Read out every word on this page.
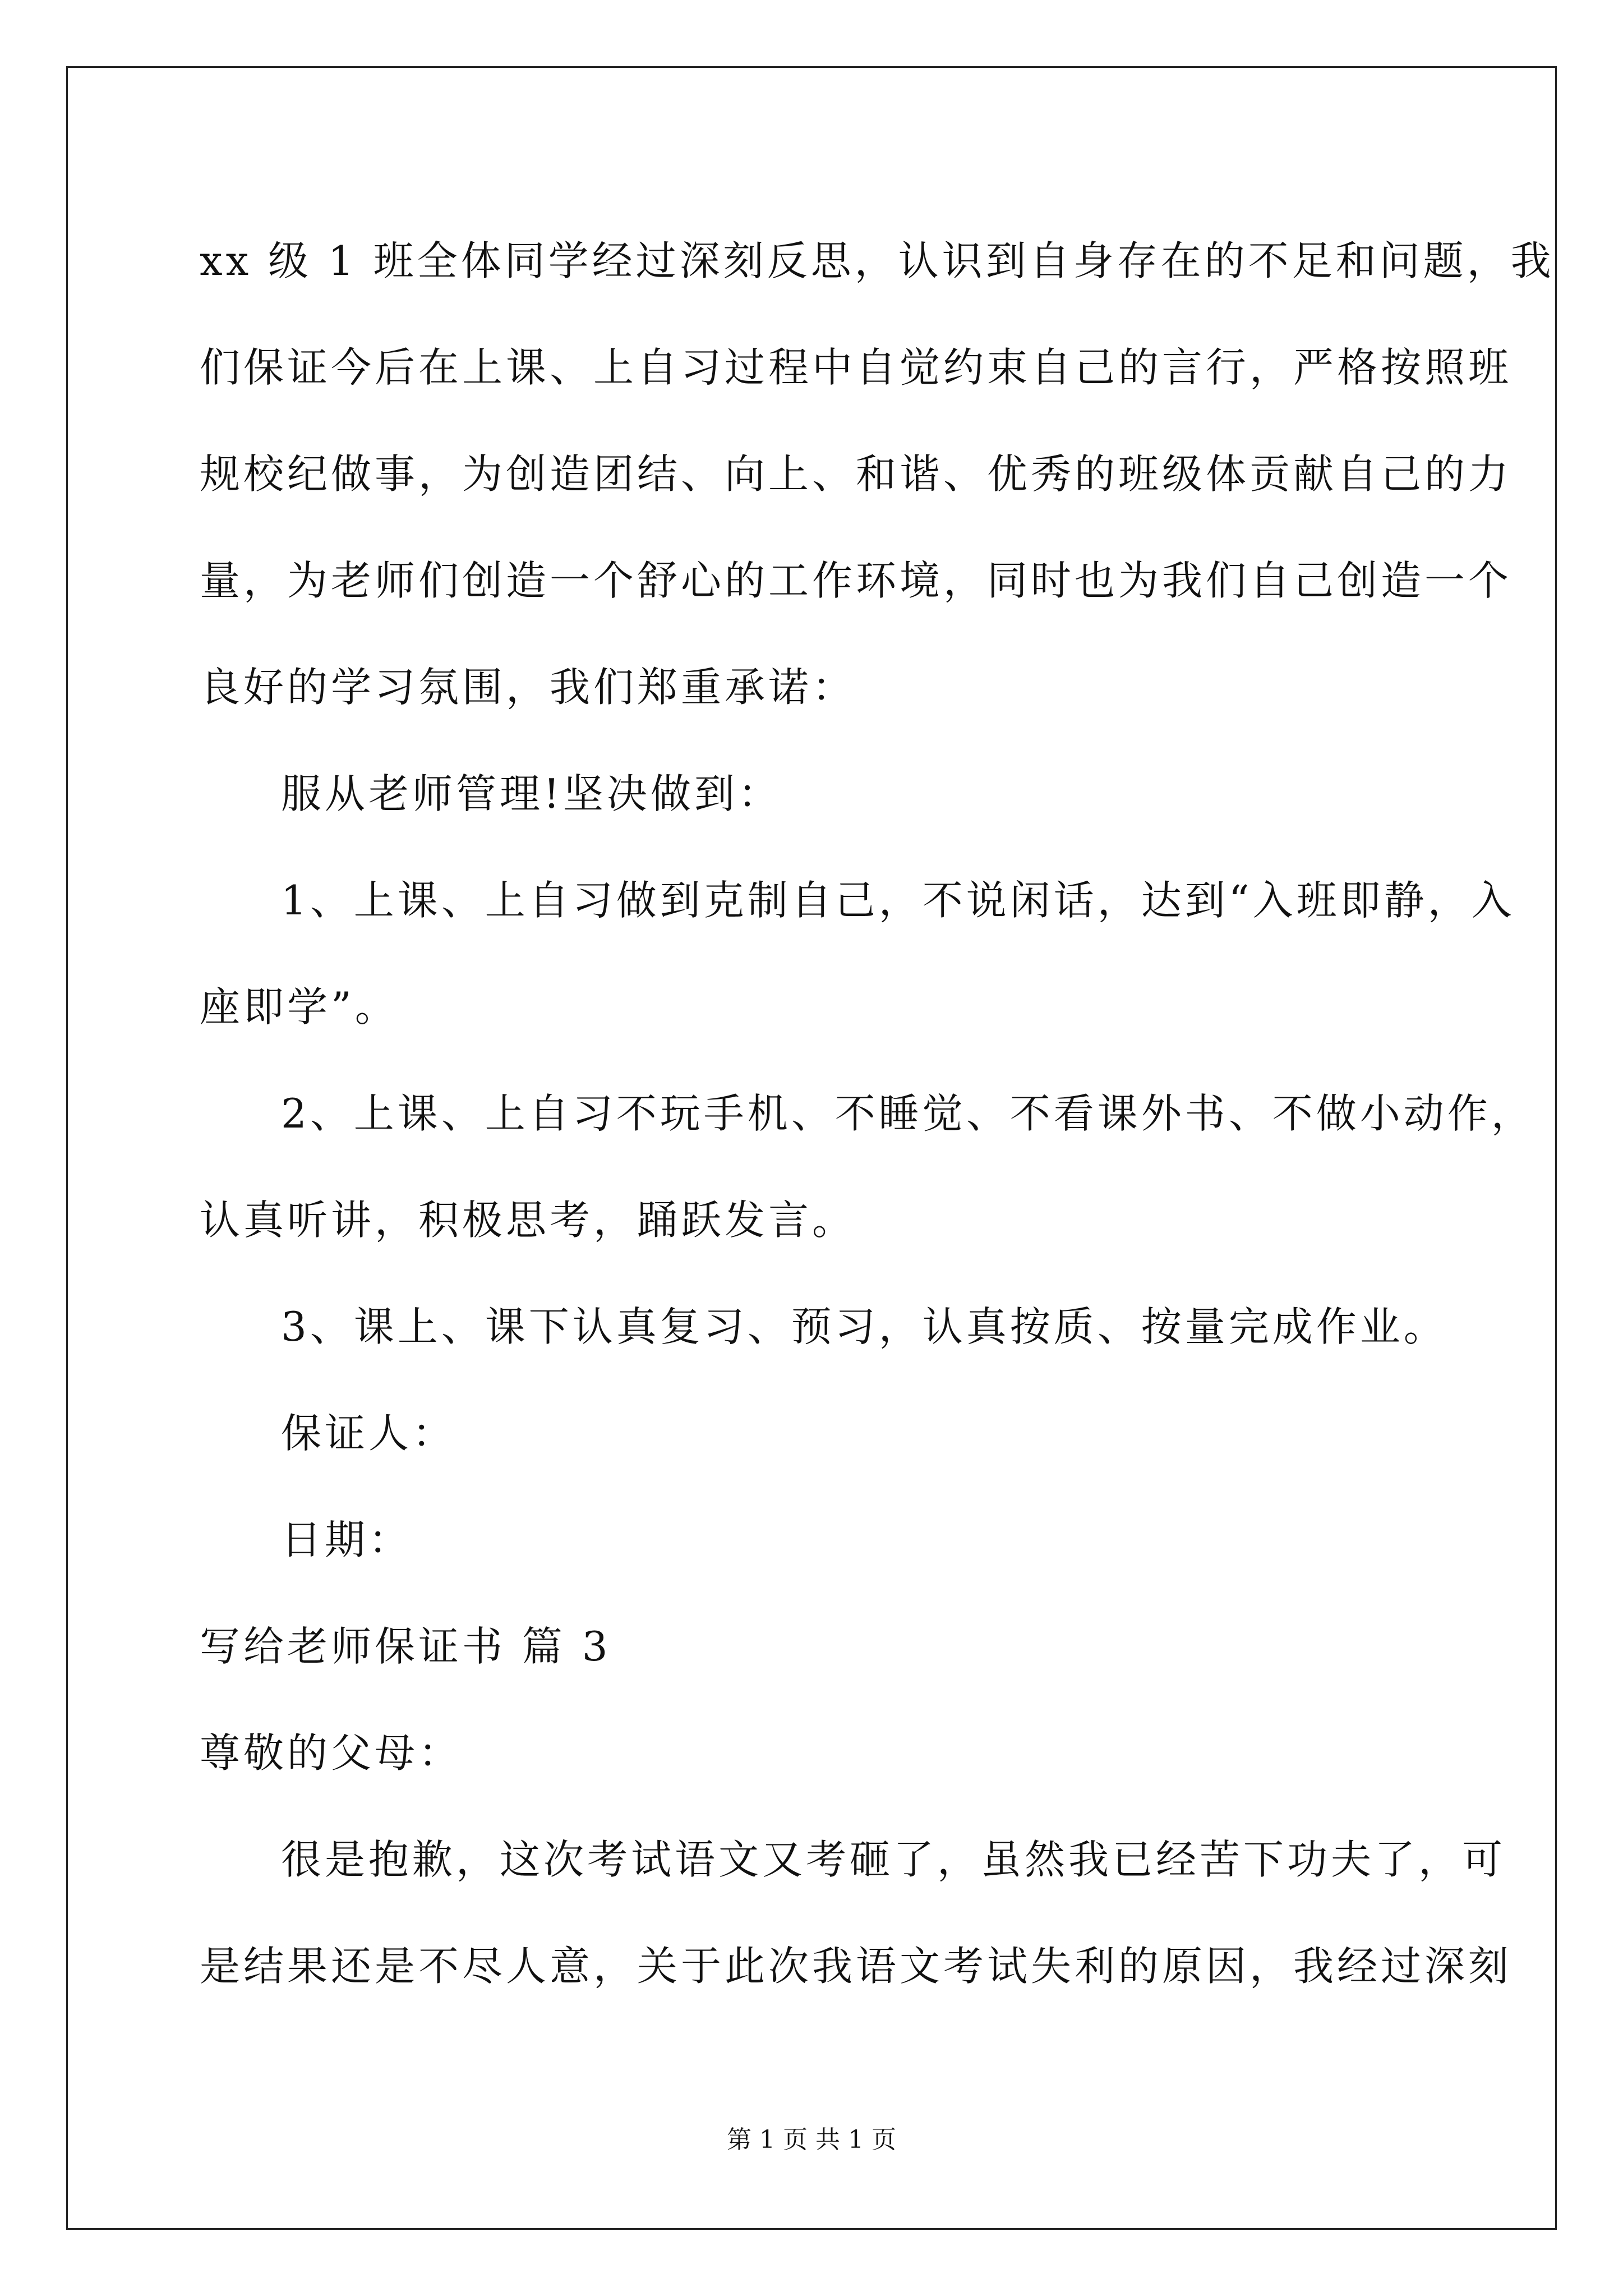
xx 级 1 班全体同学经过深刻反思，认识到自身存在的不足和问题，我
们保证今后在上课、上自习过程中自觉约束自己的言行，严格按照班
规校纪做事，为创造团结、向上、和谐、优秀的班级体贡献自己的力
量，为老师们创造一个舒心的工作环境，同时也为我们自己创造一个
良好的学习氛围，我们郑重承诺：
服从老师管理!坚决做到：
1、上课、上自习做到克制自己，不说闲话，达到“入班即静，入
座即学”。
2、上课、上自习不玩手机、不睡觉、不看课外书、不做小动作，
认真听讲，积极思考，踊跃发言。
3、课上、课下认真复习、预习，认真按质、按量完成作业。
保证人：
日期：
写给老师保证书 篇 3
尊敬的父母：
很是抱歉，这次考试语文又考砸了，虽然我已经苦下功夫了，可
是结果还是不尽人意，关于此次我语文考试失利的原因，我经过深刻
第 1 页 共 1 页
